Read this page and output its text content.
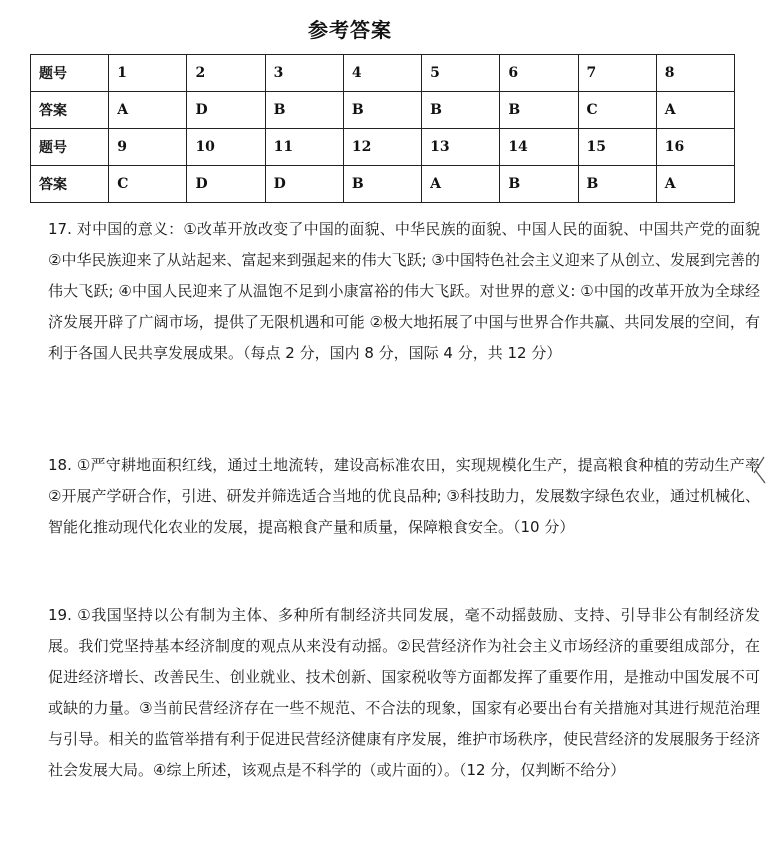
参考答案
题号	1	2	3	4	5	6	7	8
答案	A	D	B	B	B	B	C	A
题号	9	10	11	12	13	14	15	16
答案	C	D	D	B	A	B	B	A
17. 对中国的意义：①改革开放改变了中国的面貌、中华民族的面貌、中国人民的面貌、中国共产党的面貌 ②中华民族迎来了从站起来、富起来到强起来的伟大飞跃; ③中国特色社会主义迎来了从创立、发展到完善的伟大飞跃; ④中国人民迎来了从温饱不足到小康富裕的伟大飞跃。对世界的意义: ①中国的改革开放为全球经济发展开辟了广阔市场，提供了无限机遇和可能 ②极大地拓展了中国与世界合作共赢、共同发展的空间，有利于各国人民共享发展成果。（每点 2 分，国内 8 分，国际 4 分，共 12 分）
18. ①严守耕地面积红线，通过土地流转，建设高标准农田，实现规模化生产，提高粮食种植的劳动生产率 ②开展产学研合作，引进、研发并筛选适合当地的优良品种; ③科技助力，发展数字绿色农业，通过机械化、智能化推动现代化农业的发展，提高粮食产量和质量，保障粮食安全。（10 分）
19. ①我国坚持以公有制为主体、多种所有制经济共同发展，毫不动摇鼓励、支持、引导非公有制经济发展。我们党坚持基本经济制度的观点从来没有动摇。②民营经济作为社会主义市场经济的重要组成部分，在促进经济增长、改善民生、创业就业、技术创新、国家税收等方面都发挥了重要作用，是推动中国发展不可或缺的力量。③当前民营经济存在一些不规范、不合法的现象，国家有必要出台有关措施对其进行规范治理与引导。相关的监管举措有利于促进民营经济健康有序发展，维护市场秩序，使民营经济的发展服务于经济社会发展大局。④综上所述，该观点是不科学的（或片面的）。（12 分，仅判断不给分）
